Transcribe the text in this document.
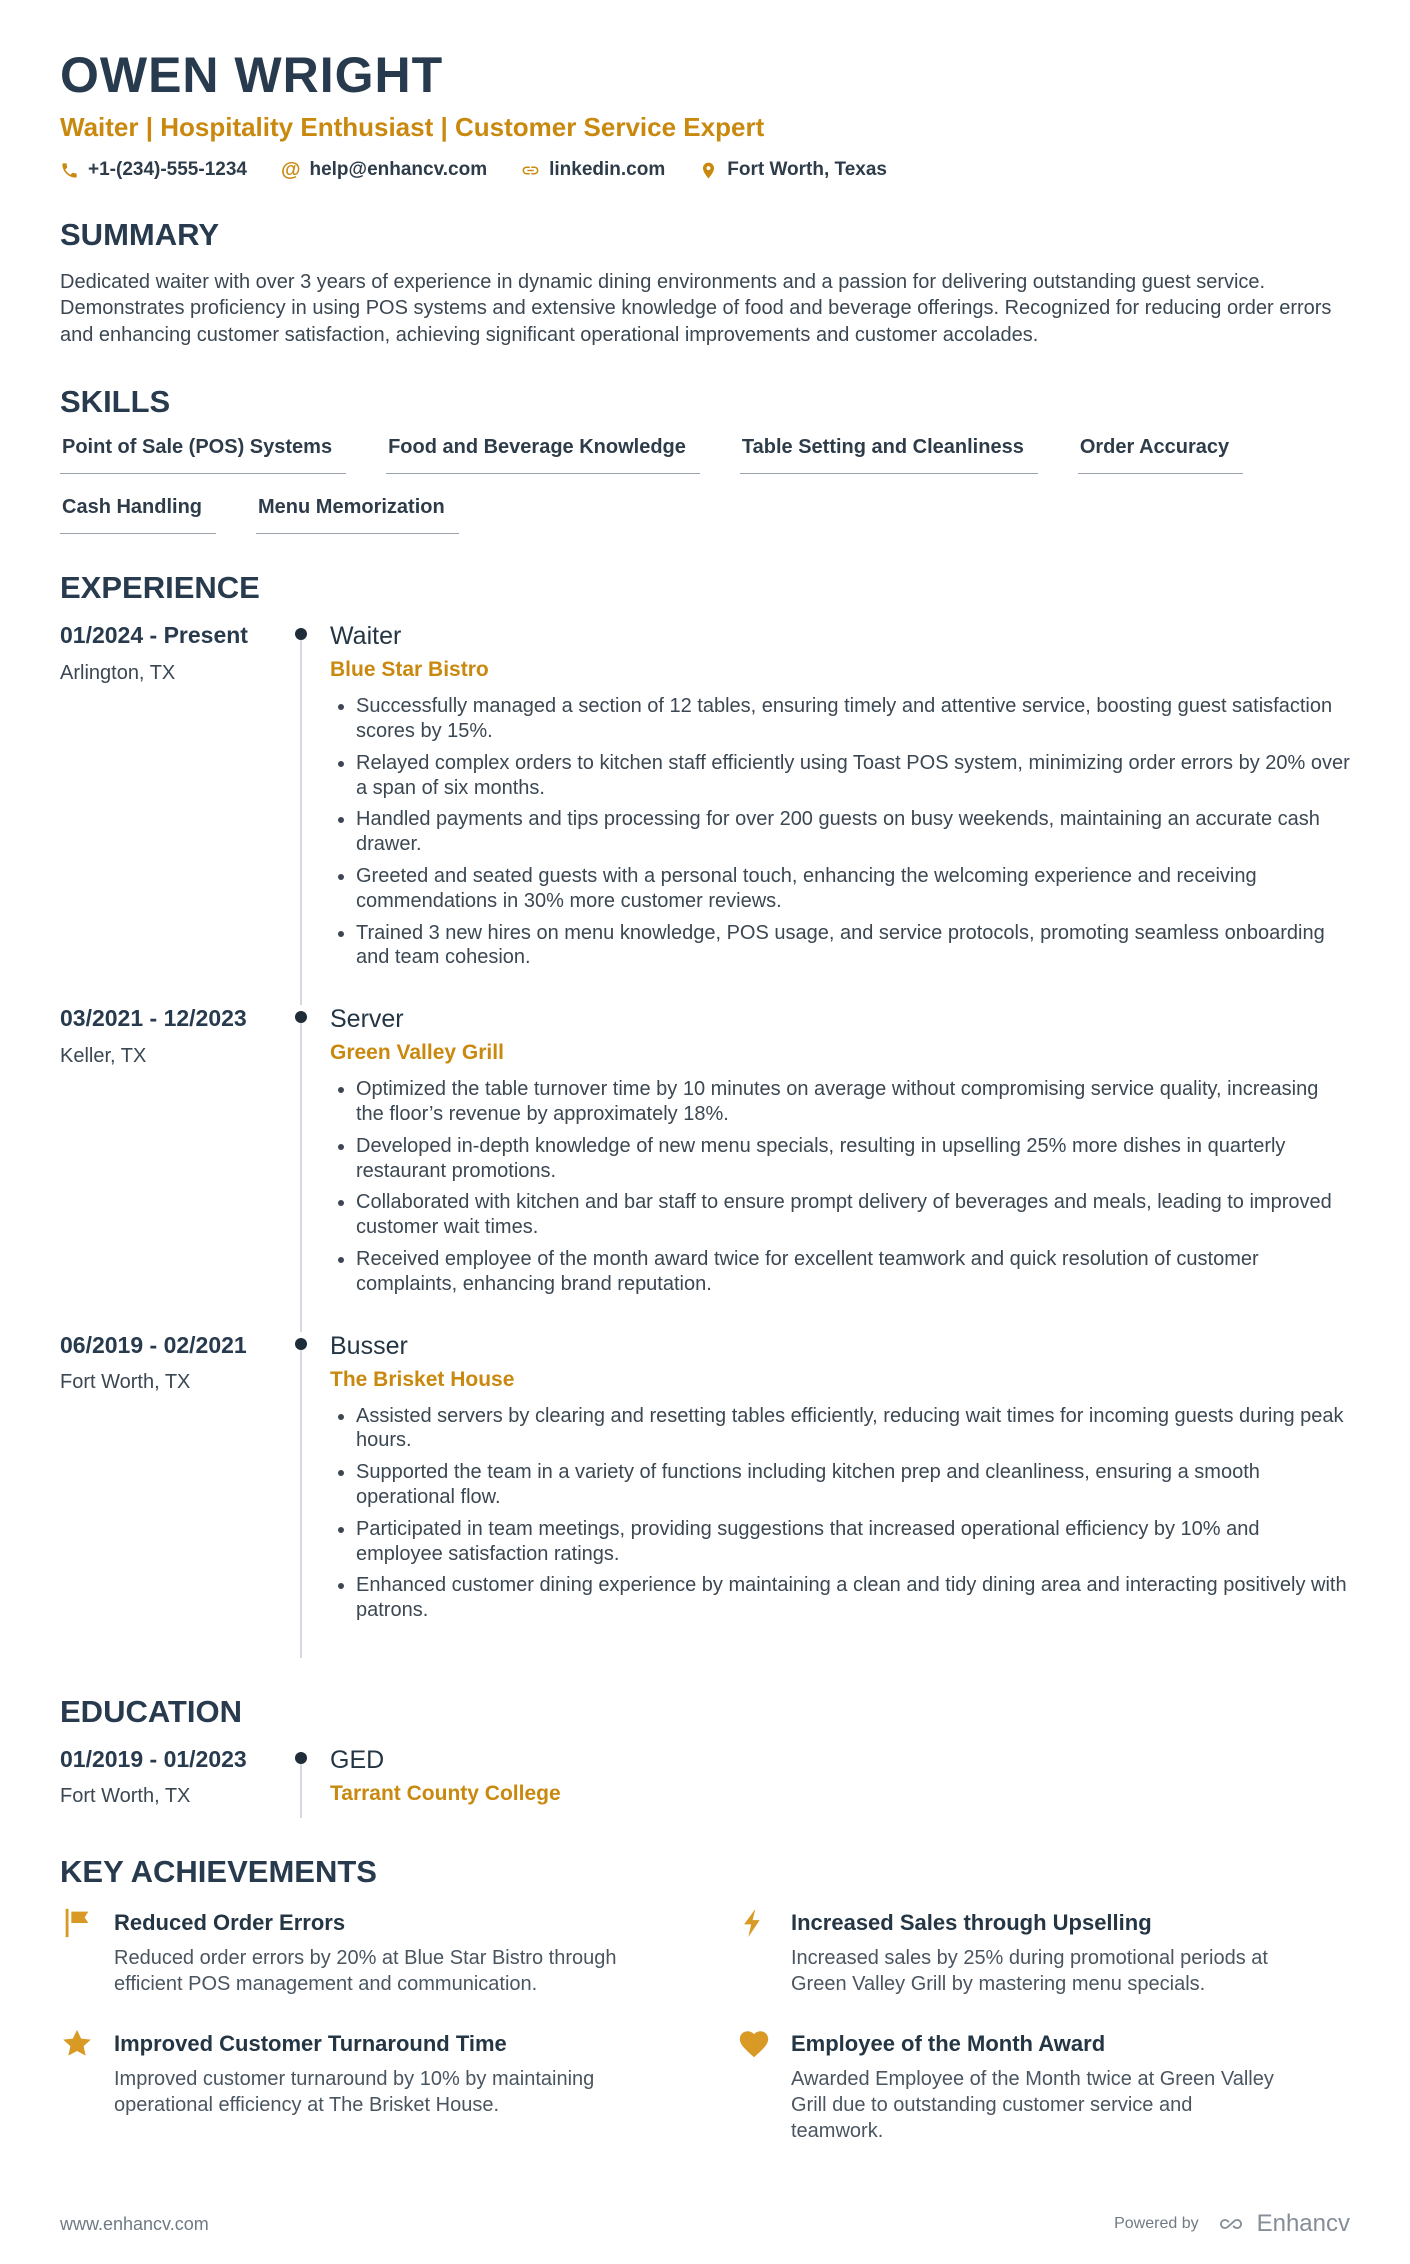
OWEN WRIGHT
Waiter | Hospitality Enthusiast | Customer Service Expert
+1-(234)-555-1234 @ help@enhancv.com	linkedin.com	Fort Worth, Texas
SUMMARY

Dedicated waiter with over 3 years of experience in dynamic dining environments and a passion for delivering outstanding guest service. Demonstrates proficiency in using POS systems and extensive knowledge of food and beverage offerings. Recognized for reducing order errors and enhancing customer satisfaction, achieving significant operational improvements and customer accolades.

SKILLS
Point of Sale (POS) Systems	Food and Beverage Knowledge	Table Setting and Cleanliness	Order Accuracy
Cash Handling	Menu Memorization
EXPERIENCE
01/2024 - Present
Arlington, TX
Waiter
Blue Star Bistro
• Successfully managed a section of 12 tables, ensuring timely and attentive service, boosting guest satisfaction scores by 15%.
• Relayed complex orders to kitchen staff efficiently using Toast POS system, minimizing order errors by 20% over a span of six months.
• Handled payments and tips processing for over 200 guests on busy weekends, maintaining an accurate cash drawer.
• Greeted and seated guests with a personal touch, enhancing the welcoming experience and receiving commendations in 30% more customer reviews.
• Trained 3 new hires on menu knowledge, POS usage, and service protocols, promoting seamless onboarding and team cohesion.
03/2021 - 12/2023
Keller, TX
Server
Green Valley Grill
• Optimized the table turnover time by 10 minutes on average without compromising service quality, increasing the floor’s revenue by approximately 18%.
• Developed in-depth knowledge of new menu specials, resulting in upselling 25% more dishes in quarterly restaurant promotions.
• Collaborated with kitchen and bar staff to ensure prompt delivery of beverages and meals, leading to improved customer wait times.
• Received employee of the month award twice for excellent teamwork and quick resolution of customer complaints, enhancing brand reputation.
06/2019 - 02/2021
Fort Worth, TX
Busser
The Brisket House
• Assisted servers by clearing and resetting tables efficiently, reducing wait times for incoming guests during peak hours.
• Supported the team in a variety of functions including kitchen prep and cleanliness, ensuring a smooth operational flow.
• Participated in team meetings, providing suggestions that increased operational efficiency by 10% and employee satisfaction ratings.
• Enhanced customer dining experience by maintaining a clean and tidy dining area and interacting positively with patrons.
EDUCATION
01/2019 - 01/2023
Fort Worth, TX
GED
Tarrant County College
KEY ACHIEVEMENTS
Reduced Order Errors
Reduced order errors by 20% at Blue Star Bistro through efficient POS management and communication.
Increased Sales through Upselling
Increased sales by 25% during promotional periods at Green Valley Grill by mastering menu specials.
Improved Customer Turnaround Time
Improved customer turnaround by 10% by maintaining operational efficiency at The Brisket House.
Employee of the Month Award
Awarded Employee of the Month twice at Green Valley Grill due to outstanding customer service and teamwork.
www.enhancv.com	Powered by Enhancv
